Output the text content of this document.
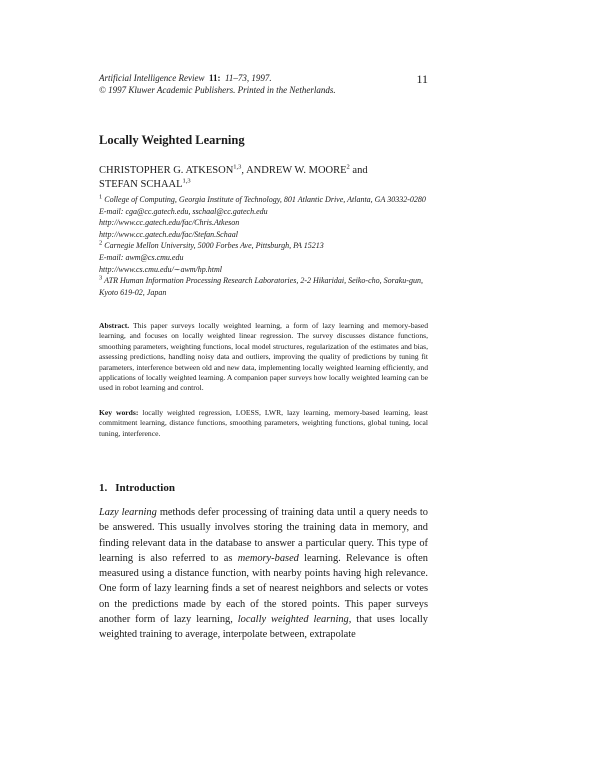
Artificial Intelligence Review 11: 11–73, 1997.
© 1997 Kluwer Academic Publishers. Printed in the Netherlands.
11
Locally Weighted Learning
CHRISTOPHER G. ATKESON$^{1,3}$, ANDREW W. MOORE$^2$ and
STEFAN SCHAAL$^{1,3}$
$^1$ College of Computing, Georgia Institute of Technology, 801 Atlantic Drive, Atlanta, GA 30332-0280
E-mail: cga@cc.gatech.edu, sschaal@cc.gatech.edu
http://www.cc.gatech.edu/fac/Chris.Atkeson
http://www.cc.gatech.edu/fac/Stefan.Schaal
$^2$ Carnegie Mellon University, 5000 Forbes Ave, Pittsburgh, PA 15213
E-mail: awm@cs.cmu.edu
http://www.cs.cmu.edu/∼awm/hp.html
$^3$ ATR Human Information Processing Research Laboratories, 2-2 Hikaridai, Seiko-cho, Soraku-gun, Kyoto 619-02, Japan
Abstract. This paper surveys locally weighted learning, a form of lazy learning and memory-based learning, and focuses on locally weighted linear regression. The survey discusses distance functions, smoothing parameters, weighting functions, local model structures, regularization of the estimates and bias, assessing predictions, handling noisy data and outliers, improving the quality of predictions by tuning fit parameters, interference between old and new data, implementing locally weighted learning efficiently, and applications of locally weighted learning. A companion paper surveys how locally weighted learning can be used in robot learning and control.
Key words: locally weighted regression, LOESS, LWR, lazy learning, memory-based learning, least commitment learning, distance functions, smoothing parameters, weighting functions, global tuning, local tuning, interference.
1. Introduction

Lazy learning methods defer processing of training data until a query needs to be answered. This usually involves storing the training data in memory, and finding relevant data in the database to answer a particular query. This type of learning is also referred to as memory-based learning. Relevance is often measured using a distance function, with nearby points having high relevance. One form of lazy learning finds a set of nearest neighbors and selects or votes on the predictions made by each of the stored points. This paper surveys another form of lazy learning, locally weighted learning, that uses locally weighted training to average, interpolate between, extrapolate
